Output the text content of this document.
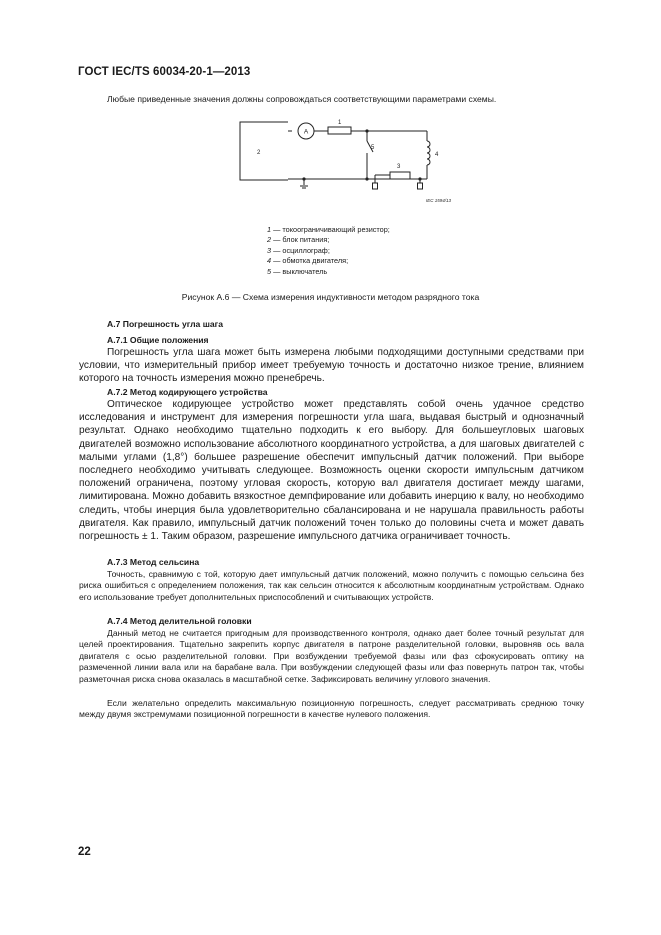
ГОСТ IEC/TS 60034-20-1—2013
Любые приведенные значения должны сопровождаться соответствующими параметрами схемы.
A
1
2
5
3
4
IEC 1594/13
1 — токоограничивающий резистор;
2 — блок питания;
3 — осциллограф;
4 — обмотка двигателя;
5 — выключатель
Рисунок А.6 — Схема измерения индуктивности методом разрядного тока
А.7 Погрешность угла шага
А.7.1 Общие положения
Погрешность угла шага может быть измерена любыми подходящими доступными средствами при условии, что измерительный прибор имеет требуемую точность и достаточно низкое трение, влиянием которого на точность измерения можно пренебречь.
А.7.2 Метод кодирующего устройства
Оптическое кодирующее устройство может представлять собой очень удачное средство исследования и инструмент для измерения погрешности угла шага, выдавая быстрый и однозначный результат. Однако необходимо тщательно подходить к его выбору. Для большеугловых шаговых двигателей возможно использование абсолютного координатного устройства, а для шаговых двигателей с малыми углами (1,8°) большее разрешение обеспечит импульсный датчик положений. При выборе последнего необходимо учитывать следующее. Возможность оценки скорости импульсным датчиком положений ограничена, поэтому угловая скорость, которую вал двигателя достигает между шагами, лимитирована. Можно добавить вязкостное демпфирование или добавить инерцию к валу, но необходимо следить, чтобы инерция была удовлетворительно сбалансирована и не нарушала правильность работы двигателя. Как правило, импульсный датчик положений точен только до половины счета и может давать погрешность ± 1. Таким образом, разрешение импульсного датчика ограничивает точность.
А.7.3 Метод сельсина
Точность, сравнимую с той, которую дает импульсный датчик положений, можно получить с помощью сельсина без риска ошибиться с определением положения, так как сельсин относится к абсолютным координатным устройствам. Однако его использование требует дополнительных приспособлений и считывающих устройств.
А.7.4 Метод делительной головки
Данный метод не считается пригодным для производственного контроля, однако дает более точный результат для целей проектирования. Тщательно закрепить корпус двигателя в патроне разделительной головки, выровняв ось вала двигателя с осью разделительной головки. При возбуждении требуемой фазы или фаз сфокусировать оптику на размеченной линии вала или на барабане вала. При возбуждении следующей фазы или фаз повернуть патрон так, чтобы разметочная риска снова оказалась в масштабной сетке. Зафиксировать величину углового значения.
Если желательно определить максимальную позиционную погрешность, следует рассматривать среднюю точку между двумя экстремумами позиционной погрешности в качестве нулевого положения.
22
